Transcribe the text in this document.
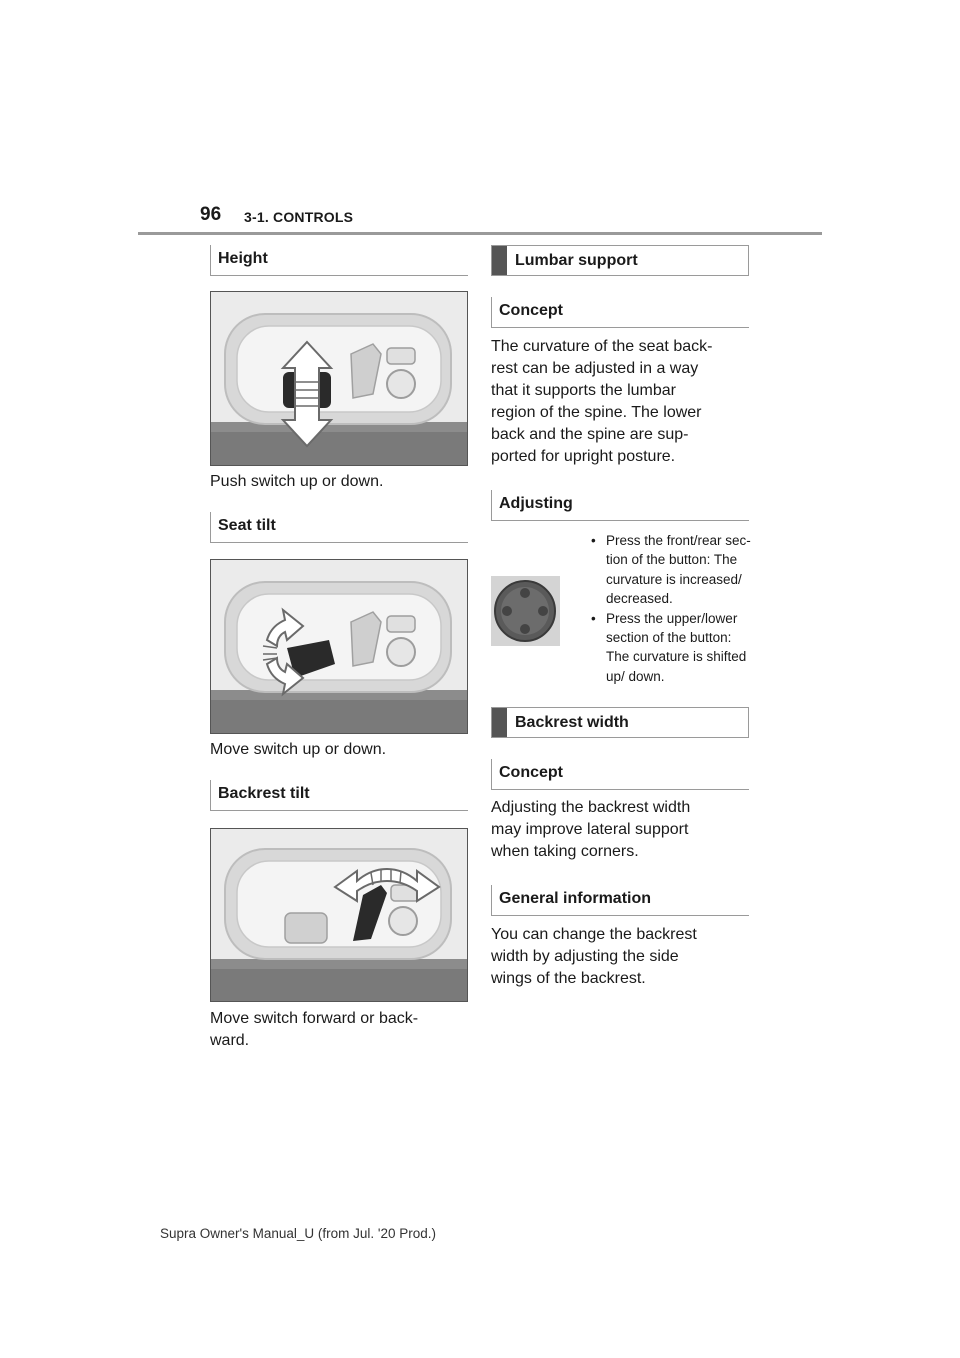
96 3-1. CONTROLS
Height
Push switch up or down.
Seat tilt
Move switch up or down.
Backrest tilt
Move switch forward or back-
ward.
Lumbar support
Concept
The curvature of the seat back-
rest can be adjusted in a way
that it supports the lumbar
region of the spine. The lower
back and the spine are sup-
ported for upright posture.
Adjusting
• Press the front/rear sec-
tion of the button: The
curvature is increased/
decreased.
• Press the upper/lower
section of the button:
The curvature is shifted
up/ down.
Backrest width
Concept
Adjusting the backrest width
may improve lateral support
when taking corners.
General information
You can change the backrest
width by adjusting the side
wings of the backrest.
Supra Owner's Manual_U (from Jul. '20 Prod.)
